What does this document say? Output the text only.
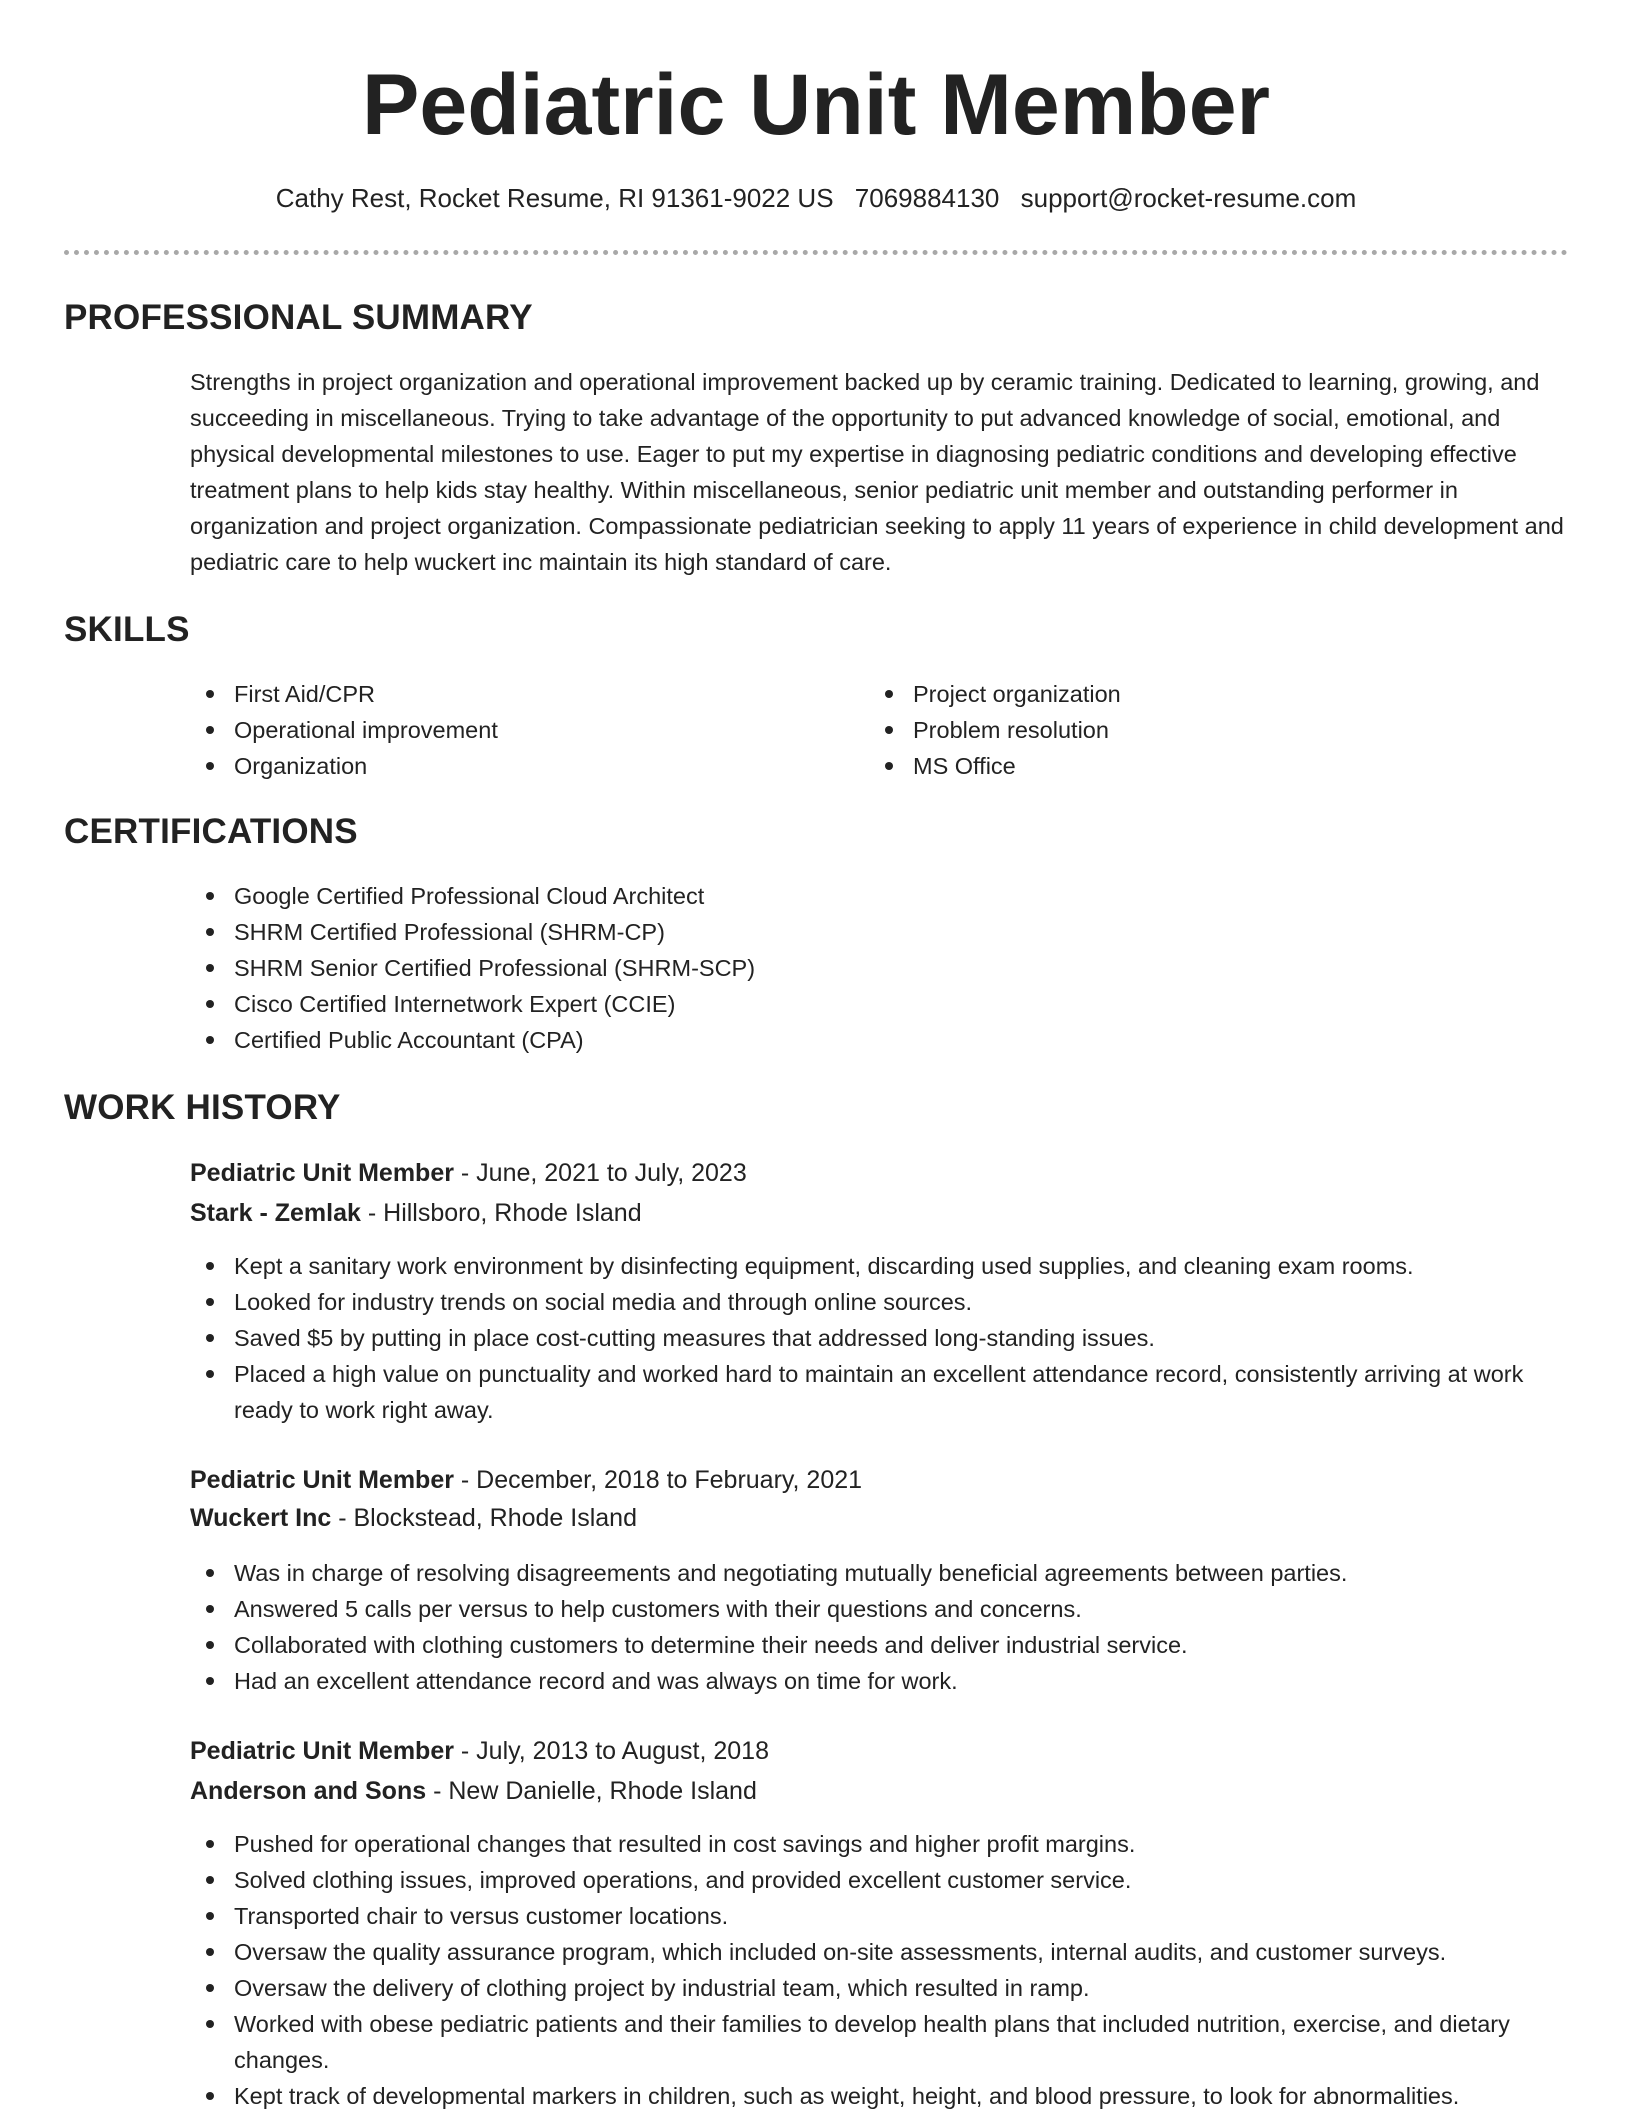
Pediatric Unit Member
Cathy Rest, Rocket Resume, RI 91361-9022 US 7069884130 support@rocket-resume.com
PROFESSIONAL SUMMARY

Strengths in project organization and operational improvement backed up by ceramic training. Dedicated to learning, growing, and succeeding in miscellaneous. Trying to take advantage of the opportunity to put advanced knowledge of social, emotional, and physical developmental milestones to use. Eager to put my expertise in diagnosing pediatric conditions and developing effective treatment plans to help kids stay healthy. Within miscellaneous, senior pediatric unit member and outstanding performer in organization and project organization. Compassionate pediatrician seeking to apply 11 years of experience in child development and pediatric care to help wuckert inc maintain its high standard of care.

SKILLS
First Aid/CPR
Operational improvement
Organization
Project organization
Problem resolution
MS Office
CERTIFICATIONS
Google Certified Professional Cloud Architect
SHRM Certified Professional (SHRM-CP)
SHRM Senior Certified Professional (SHRM-SCP)
Cisco Certified Internetwork Expert (CCIE)
Certified Public Accountant (CPA)
WORK HISTORY
Pediatric Unit Member - June, 2021 to July, 2023
Stark - Zemlak - Hillsboro, Rhode Island
Kept a sanitary work environment by disinfecting equipment, discarding used supplies, and cleaning exam rooms.
Looked for industry trends on social media and through online sources.
Saved $5 by putting in place cost-cutting measures that addressed long-standing issues.
Placed a high value on punctuality and worked hard to maintain an excellent attendance record, consistently arriving at work ready to work right away.
Pediatric Unit Member - December, 2018 to February, 2021
Wuckert Inc - Blockstead, Rhode Island
Was in charge of resolving disagreements and negotiating mutually beneficial agreements between parties.
Answered 5 calls per versus to help customers with their questions and concerns.
Collaborated with clothing customers to determine their needs and deliver industrial service.
Had an excellent attendance record and was always on time for work.
Pediatric Unit Member - July, 2013 to August, 2018
Anderson and Sons - New Danielle, Rhode Island
Pushed for operational changes that resulted in cost savings and higher profit margins.
Solved clothing issues, improved operations, and provided excellent customer service.
Transported chair to versus customer locations.
Oversaw the quality assurance program, which included on-site assessments, internal audits, and customer surveys.
Oversaw the delivery of clothing project by industrial team, which resulted in ramp.
Worked with obese pediatric patients and their families to develop health plans that included nutrition, exercise, and dietary changes.
Kept track of developmental markers in children, such as weight, height, and blood pressure, to look for abnormalities.
